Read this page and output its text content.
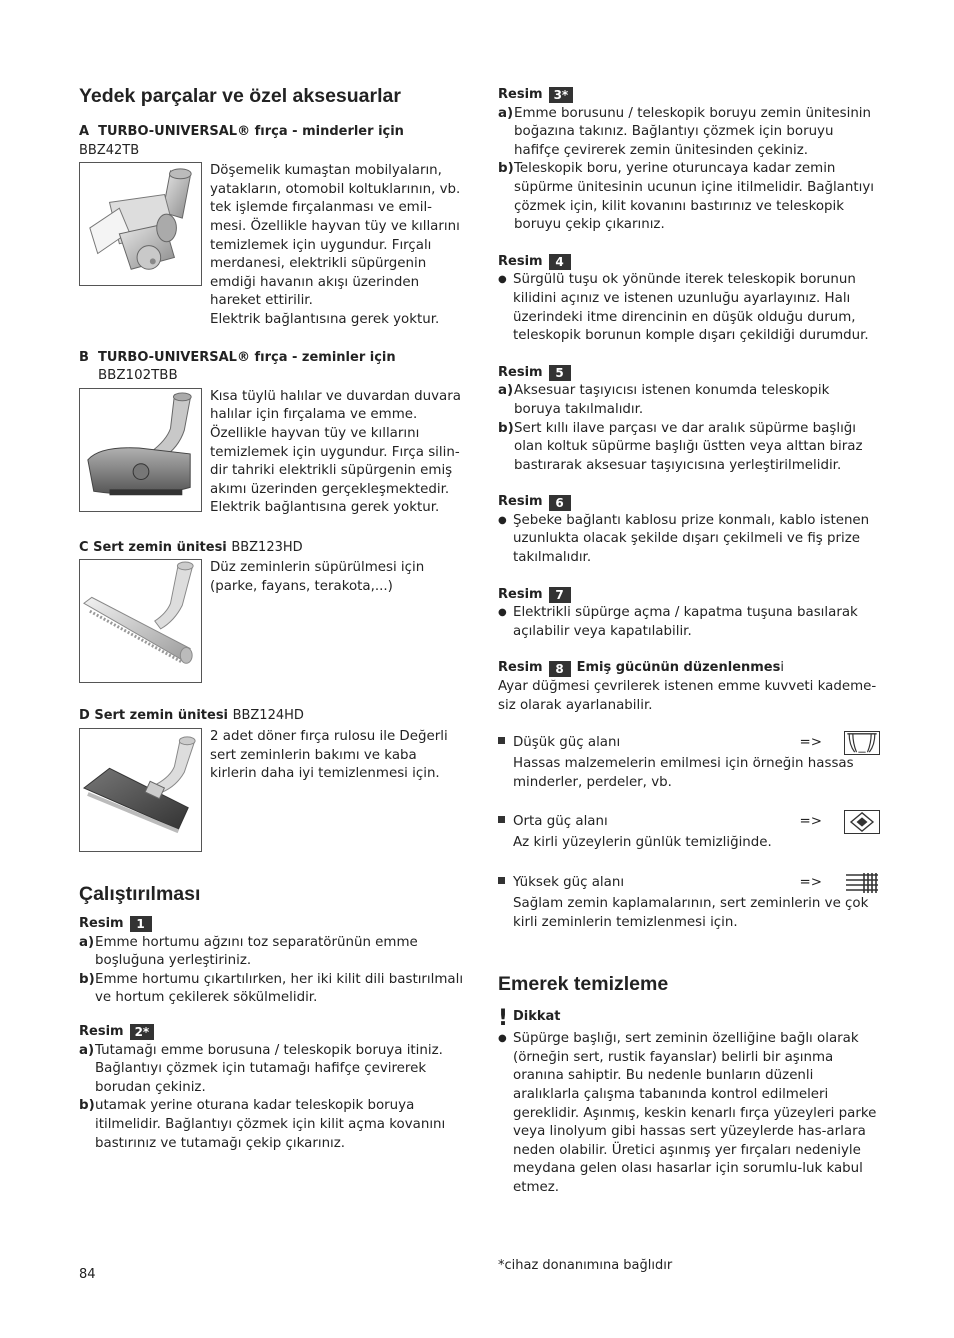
Yedek parçalar ve özel aksesuarlar
A TURBO-UNIVERSAL® fırça - minderler için BBZ42TB
Döşemelik kumaştan mobilyaların, yatakların, otomobil koltuklarının, vb. tek işlemde fırçalanması ve emil-mesi. Özellikle hayvan tüy ve kıllarını temizlemek için uygundur. Fırçalı merdanesi, elektrikli süpürgenin emdiği havanın akışı üzerinden hareket ettirilir.
Elektrik bağlantısına gerek yoktur.
B TURBO-UNIVERSAL® fırça - zeminler için
BBZ102TBB
Kısa tüylü halılar ve duvardan duvara halılar için fırçalama ve emme. Özellikle hayvan tüy ve kıllarını temizlemek için uygundur. Fırça silin-dir tahriki elektrikli süpürgenin emiş akımı üzerinden gerçekleşmektedir. Elektrik bağlantısına gerek yoktur.
C Sert zemin ünitesi BBZ123HD
Düz zeminlerin süpürülmesi için (parke, fayans, terakota,...)
D Sert zemin ünitesi BBZ124HD
2 adet döner fırça rulosu ile Değerli sert zeminlerin bakımı ve kaba kirlerin daha iyi temizlenmesi için.
Çalıştırılması
Resim	1
a) Emme hortumu ağzını toz separatörünün emme boşluğuna yerleştiriniz.
b) Emme hortumu çıkartılırken, her iki kilit dili bastırılmalı ve hortum çekilerek sökülmelidir.
Resim 2*
a) Tutamağı emme borusuna / teleskopik boruya itiniz. Bağlantıyı çözmek için tutamağı hafifçe çevirerek borudan çekiniz.
b) utamak yerine oturana kadar teleskopik boruya itilmelidir. Bağlantıyı çözmek için kilit açma kovanını bastırınız ve tutamağı çekip çıkarınız.
Resim 3*
a) Emme borusunu / teleskopik boruyu zemin ünitesinin boğazına takınız. Bağlantıyı çözmek için boruyu hafifçe çevirerek zemin ünitesinden çekiniz.
b) Teleskopik boru, yerine oturuncaya kadar zemin süpürme ünitesinin ucunun içine itilmelidir. Bağlantıyı çözmek için, kilit kovanını bastırınız ve teleskopik boruyu çekip çıkarınız.
Resim	4
● Sürgülü tuşu ok yönünde iterek teleskopik borunun kilidini açınız ve istenen uzunluğu ayarlayınız. Halı üzerindeki itme direncinin en düşük olduğu durum, teleskopik borunun komple dışarı çekildiği durumdur.
Resim	5
a) Aksesuar taşıyıcısı istenen konumda teleskopik boruya takılmalıdır.
b) Sert kıllı ilave parçası ve dar aralık süpürme başlığı olan koltuk süpürme başlığı üstten veya alttan biraz bastırarak aksesuar taşıyıcısına yerleştirilmelidir.
Resim	6
● Şebeke bağlantı kablosu prize konmalı, kablo istenen uzunlukta olacak şekilde dışarı çekilmeli ve fiş prize takılmalıdır.
Resim	7
● Elektrikli süpürge açma / kapatma tuşuna basılarak açılabilir veya kapatılabilir.
Resim	8 Emiş gücünün düzenlenmesi
Ayar düğmesi çevrilerek istenen emme kuvveti kademe-siz olarak ayarlanabilir.
Düşük güç alanı	=>
Hassas malzemelerin emilmesi için örneğin hassas minderler, perdeler, vb.
Orta güç alanı	=>
Az kirli yüzeylerin günlük temizliğinde.
Yüksek güç alanı	=>
Sağlam zemin kaplamalarının, sert zeminlerin ve çok kirli zeminlerin temizlenmesi için.
Emerek temizleme
! Dikkat
● Süpürge başlığı, sert zeminin özelliğine bağlı olarak (örneğin sert, rustik fayanslar) belirli bir aşınma oranına sahiptir. Bu nedenle bunların düzenli aralıklarla çalışma tabanında kontrol edilmeleri gereklidir. Aşınmış, keskin kenarlı fırça yüzeyleri parke veya linolyum gibi hassas sert yüzeylerde has-arlara neden olabilir. Üretici aşınmış yer fırçaları nedeniyle meydana gelen olası hasarlar için sorumlu-luk kabul etmez.
84
*cihaz donanımına bağlıdır
